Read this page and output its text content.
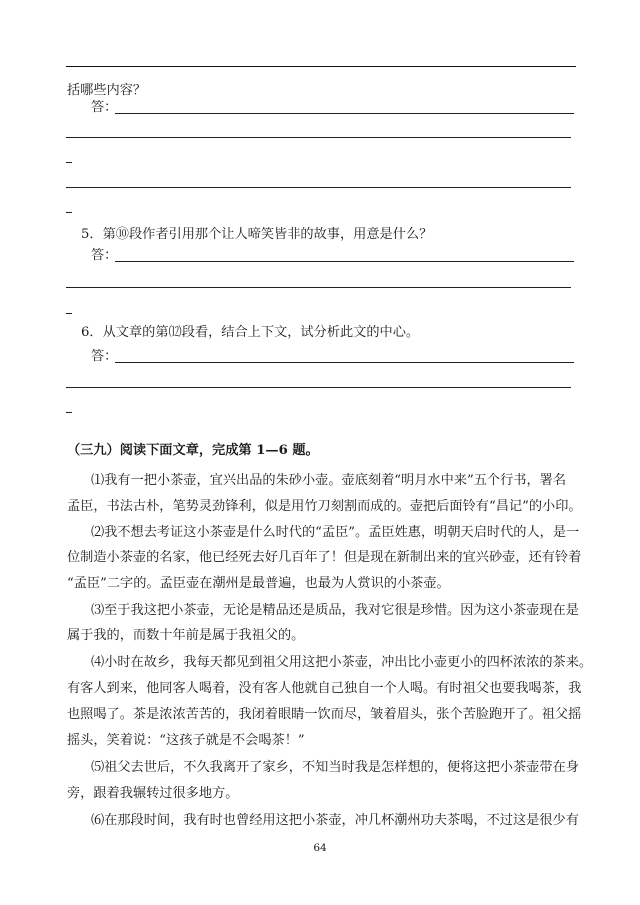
括哪些内容？
答：
5．第⑩段作者引用那个让人啼笑皆非的故事，用意是什么？
答：
6．从文章的第⑿段看，结合上下文，试分析此文的中心。
答：
（三九）阅读下面文章，完成第 1—6 题。
⑴我有一把小茶壶，宜兴出品的朱砂小壶。壶底刻着“明月水中来”五个行书，署名
孟臣，书法古朴，笔势灵劲锋利，似是用竹刀刻割而成的。壶把后面铃有“昌记”的小印。
⑵我不想去考证这小茶壶是什么时代的“孟臣”。孟臣姓惠，明朝天启时代的人，是一
位制造小茶壶的名家，他已经死去好几百年了！但是现在新制出来的宜兴砂壶，还有铃着
“孟臣”二字的。孟臣壶在潮州是最普遍，也最为人赏识的小茶壶。
⑶至于我这把小茶壶，无论是精品还是质品，我对它很是珍惜。因为这小茶壶现在是
属于我的，而数十年前是属于我祖父的。
⑷小时在故乡，我每天都见到祖父用这把小茶壶，冲出比小壶更小的四杯浓浓的茶来。
有客人到来，他同客人喝着，没有客人他就自己独自一个人喝。有时祖父也要我喝茶，我
也照喝了。茶是浓浓苦苦的，我闭着眼睛一饮而尽，皱着眉头，张个苦脸跑开了。祖父摇
摇头，笑着说：“这孩子就是不会喝茶！”
⑸祖父去世后，不久我离开了家乡，不知当时我是怎样想的，便将这把小茶壶带在身
旁，跟着我辗转过很多地方。
⑹在那段时间，我有时也曾经用这把小茶壶，冲几杯潮州功夫茶喝，不过这是很少有
64
